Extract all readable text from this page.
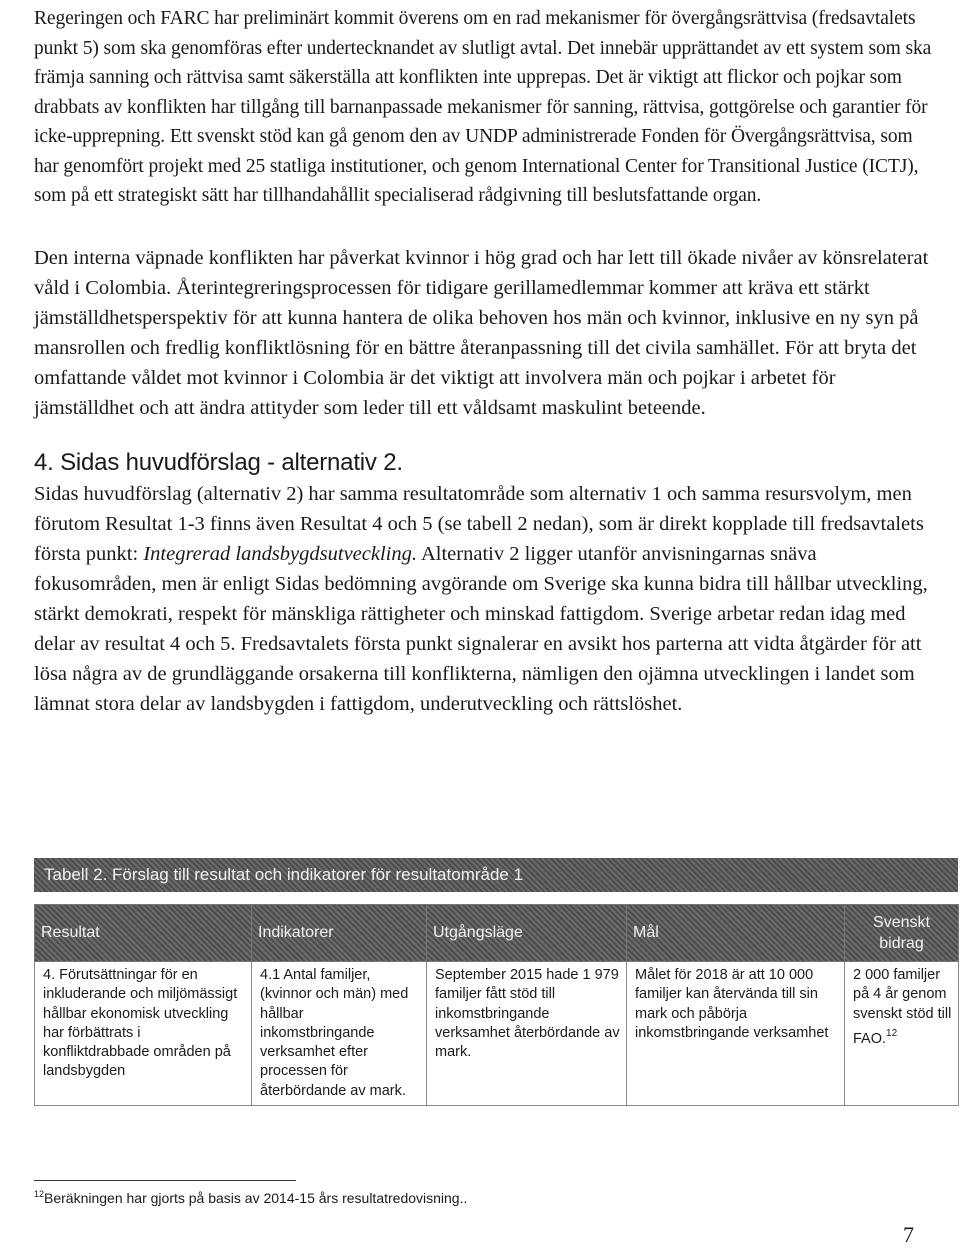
Regeringen och FARC har preliminärt kommit överens om en rad mekanismer för övergångsrättvisa (fredsavtalets punkt 5) som ska genomföras efter undertecknandet av slutligt avtal. Det innebär upprättandet av ett system som ska främja sanning och rättvisa samt säkerställa att konflikten inte upprepas. Det är viktigt att flickor och pojkar som drabbats av konflikten har tillgång till barnanpassade mekanismer för sanning, rättvisa, gottgörelse och garantier för icke-upprepning. Ett svenskt stöd kan gå genom den av UNDP administrerade Fonden för Övergångsrättvisa, som har genomfört projekt med 25 statliga institutioner, och genom International Center for Transitional Justice (ICTJ), som på ett strategiskt sätt har tillhandahållit specialiserad rådgivning till beslutsfattande organ.

Den interna väpnade konflikten har påverkat kvinnor i hög grad och har lett till ökade nivåer av könsrelaterat våld i Colombia. Återintegreringsprocessen för tidigare gerillamedlemmar kommer att kräva ett stärkt jämställdhetsperspektiv för att kunna hantera de olika behoven hos män och kvinnor, inklusive en ny syn på mansrollen och fredlig konfliktlösning för en bättre återanpassning till det civila samhället. För att bryta det omfattande våldet mot kvinnor i Colombia är det viktigt att involvera män och pojkar i arbetet för jämställdhet och att ändra attityder som leder till ett våldsamt maskulint beteende.

4. Sidas huvudförslag - alternativ 2.

Sidas huvudförslag (alternativ 2) har samma resultatområde som alternativ 1 och samma resursvolym, men förutom Resultat 1-3 finns även Resultat 4 och 5 (se tabell 2 nedan), som är direkt kopplade till fredsavtalets första punkt: Integrerad landsbygdsutveckling. Alternativ 2 ligger utanför anvisningarnas snäva fokusområden, men är enligt Sidas bedömning avgörande om Sverige ska kunna bidra till hållbar utveckling, stärkt demokrati, respekt för mänskliga rättigheter och minskad fattigdom. Sverige arbetar redan idag med delar av resultat 4 och 5. Fredsavtalets första punkt signalerar en avsikt hos parterna att vidta åtgärder för att lösa några av de grundläggande orsakerna till konflikterna, nämligen den ojämna utvecklingen i landet som lämnat stora delar av landsbygden i fattigdom, underutveckling och rättslöshet.

Tabell 2. Förslag till resultat och indikatorer för resultatområde 1
Resultat	Indikatorer	Utgångsläge	Mål	Svenskt bidrag
4. Förutsättningar för en inkluderande och miljömässigt hållbar ekonomisk utveckling har förbättrats i konfliktdrabbade områden på landsbygden	4.1 Antal familjer, (kvinnor och män) med hållbar inkomstbringande verksamhet efter processen för återbördande av mark.	September 2015 hade 1 979 familjer fått stöd till inkomstbringande verksamhet återbördande av mark.	Målet för 2018 är att 10 000 familjer kan återvända till sin mark och påbörja inkomstbringande verksamhet	2 000 familjer på 4 år genom svenskt stöd till FAO.$^{12}$
$^{12}$Beräkningen har gjorts på basis av 2014-15 års resultatredovisning..
7
